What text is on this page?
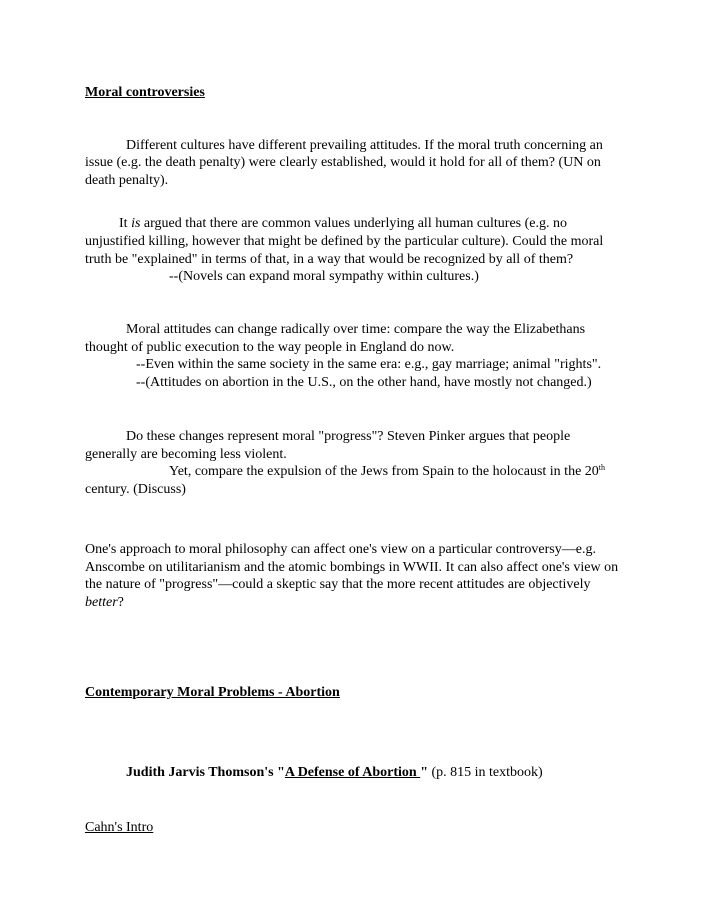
Moral controversies
Different cultures have different prevailing attitudes. If the moral truth concerning an
issue (e.g. the death penalty) were clearly established, would it hold for all of them? (UN on
death penalty).
It is argued that there are common values underlying all human cultures (e.g. no
unjustified killing, however that might be defined by the particular culture). Could the moral
truth be "explained" in terms of that, in a way that would be recognized by all of them?
--(Novels can expand moral sympathy within cultures.)
Moral attitudes can change radically over time: compare the way the Elizabethans
thought of public execution to the way people in England do now.
--Even within the same society in the same era: e.g., gay marriage; animal "rights".
--(Attitudes on abortion in the U.S., on the other hand, have mostly not changed.)
Do these changes represent moral "progress"? Steven Pinker argues that people
generally are becoming less violent.
Yet, compare the expulsion of the Jews from Spain to the holocaust in the 20th
century. (Discuss)
One's approach to moral philosophy can affect one's view on a particular controversy—e.g.
Anscombe on utilitarianism and the atomic bombings in WWII. It can also affect one's view on
the nature of "progress"—could a skeptic say that the more recent attitudes are objectively
better?
Contemporary Moral Problems - Abortion
Judith Jarvis Thomson's "A Defense of Abortion " (p. 815 in textbook)
Cahn's Intro
